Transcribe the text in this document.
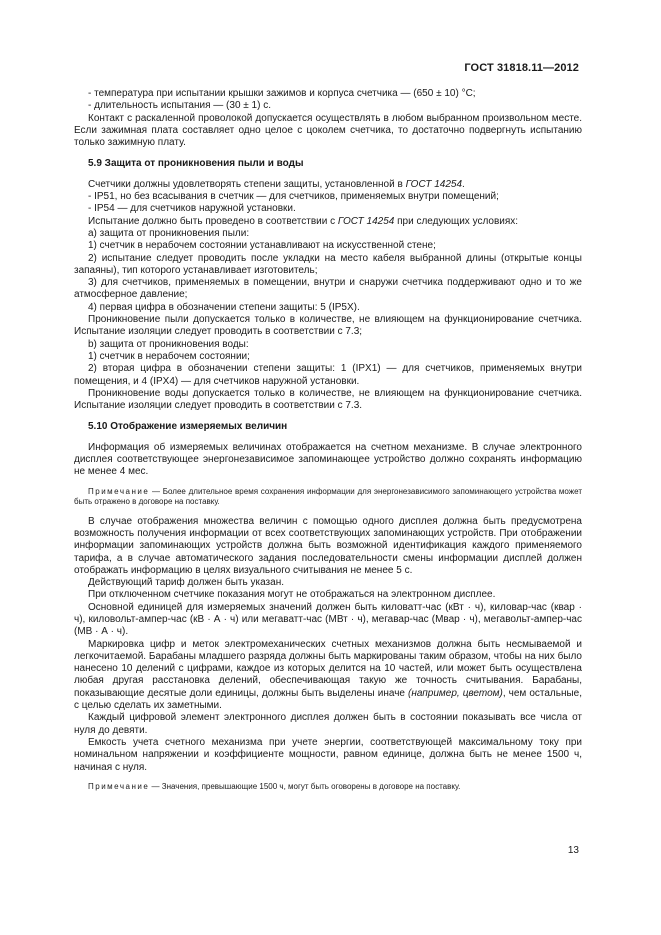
ГОСТ 31818.11—2012

- температура при испытании крышки зажимов и корпуса счетчика — (650 ± 10) °С;

- длительность испытания — (30 ± 1) с.

Контакт с раскаленной проволокой допускается осуществлять в любом выбранном произвольном месте. Если зажимная плата составляет одно целое с цоколем счетчика, то достаточно подвергнуть испытанию только зажимную плату.

5.9 Защита от проникновения пыли и воды

Счетчики должны удовлетворять степени защиты, установленной в ГОСТ 14254.

- IP51, но без всасывания в счетчик — для счетчиков, применяемых внутри помещений;

- IP54 — для счетчиков наружной установки.

Испытание должно быть проведено в соответствии с ГОСТ 14254 при следующих условиях:

а) защита от проникновения пыли:

1) счетчик в нерабочем состоянии устанавливают на искусственной стене;

2) испытание следует проводить после укладки на место кабеля выбранной длины (открытые концы запаяны), тип которого устанавливает изготовитель;

3) для счетчиков, применяемых в помещении, внутри и снаружи счетчика поддерживают одно и то же атмосферное давление;

4) первая цифра в обозначении степени защиты: 5 (IP5X).

Проникновение пыли допускается только в количестве, не влияющем на функционирование счетчика. Испытание изоляции следует проводить в соответствии с 7.3;

b) защита от проникновения воды:

1) счетчик в нерабочем состоянии;

2) вторая цифра в обозначении степени защиты: 1 (IPX1) — для счетчиков, применяемых внутри помещения, и 4 (IPX4) — для счетчиков наружной установки.

Проникновение воды допускается только в количестве, не влияющем на функционирование счетчика. Испытание изоляции следует проводить в соответствии с 7.3.

5.10 Отображение измеряемых величин

Информация об измеряемых величинах отображается на счетном механизме. В случае электронного дисплея соответствующее энергонезависимое запоминающее устройство должно сохранять информацию не менее 4 мес.

Примечание — Более длительное время сохранения информации для энергонезависимого запоминающего устройства может быть отражено в договоре на поставку.

В случае отображения множества величин с помощью одного дисплея должна быть предусмотрена возможность получения информации от всех соответствующих запоминающих устройств. При отображении информации запоминающих устройств должна быть возможной идентификация каждого применяемого тарифа, а в случае автоматического задания последовательности смены информации дисплей должен отображать информацию в целях визуального считывания не менее 5 с.

Действующий тариф должен быть указан.

При отключенном счетчике показания могут не отображаться на электронном дисплее.

Основной единицей для измеряемых значений должен быть киловатт-час (кВт · ч), киловар-час (квар · ч), киловольт-ампер-час (кВ · А · ч) или мегаватт-час (МВт · ч), мегавар-час (Мвар · ч), мегавольт-ампер-час (МВ · А · ч).

Маркировка цифр и меток электромеханических счетных механизмов должна быть несмываемой и легкочитаемой. Барабаны младшего разряда должны быть маркированы таким образом, чтобы на них было нанесено 10 делений с цифрами, каждое из которых делится на 10 частей, или может быть осуществлена любая другая расстановка делений, обеспечивающая такую же точность считывания. Барабаны, показывающие десятые доли единицы, должны быть выделены иначе (например, цветом), чем остальные, с целью сделать их заметными.

Каждый цифровой элемент электронного дисплея должен быть в состоянии показывать все числа от нуля до девяти.

Емкость учета счетного механизма при учете энергии, соответствующей максимальному току при номинальном напряжении и коэффициенте мощности, равном единице, должна быть не менее 1500 ч, начиная с нуля.

Примечание — Значения, превышающие 1500 ч, могут быть оговорены в договоре на поставку.

13
